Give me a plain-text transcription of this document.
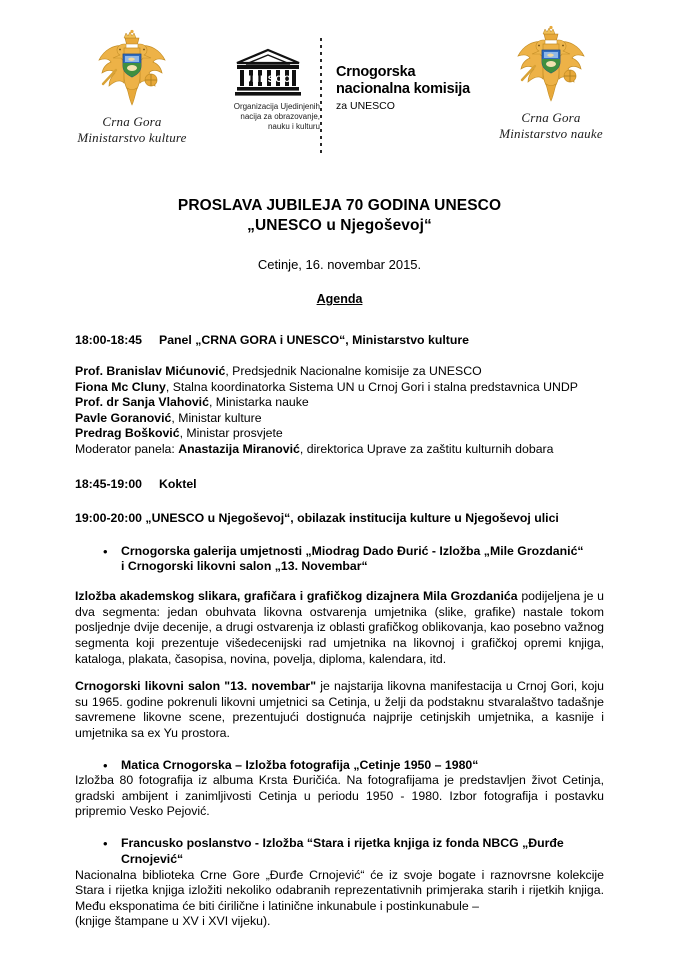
Crna Gora
Ministarstvo kulture
UNESCO
Organizacija Ujedinjenih
nacija za obrazovanje,
nauku i kulturu
Crnogorska
nacionalna komisija
za UNESCO
Crna Gora
Ministarstvo nauke
PROSLAVA JUBILEJA 70 GODINA UNESCO
„UNESCO u Njegoševoj“
Cetinje, 16. novembar 2015.
Agenda
18:00-18:45 Panel „CRNA GORA i UNESCO“, Ministarstvo kulture
Prof. Branislav Mićunović, Predsjednik Nacionalne komisije za UNESCO
Fiona Mc Cluny, Stalna koordinatorka Sistema UN u Crnoj Gori i stalna predstavnica UNDP
Prof. dr Sanja Vlahović, Ministarka nauke
Pavle Goranović, Ministar kulture
Predrag Bošković, Ministar prosvjete
Moderator panela: Anastazija Miranović, direktorica Uprave za zaštitu kulturnih dobara
18:45-19:00 Koktel
19:00-20:00 „UNESCO u Njegoševoj“, obilazak institucija kulture u Njegoševoj ulici
•	Crnogorska galerija umjetnosti „Miodrag Dado Đurić - Izložba „Mile Grozdanić“
i Crnogorski likovni salon „13. Novembar“

Izložba akademskog slikara, grafičara i grafičkog dizajnera Mila Grozdanića podijeljena je u dva segmenta: jedan obuhvata likovna ostvarenja umjetnika (slike, grafike) nastale tokom posljednje dvije decenije, a drugi ostvarenja iz oblasti grafičkog oblikovanja, kao posebno važnog segmenta koji prezentuje višedecenijski rad umjetnika na likovnoj i grafičkoj opremi knjiga, kataloga, plakata, časopisa, novina, povelja, diploma, kalendara, itd.

Crnogorski likovni salon "13. novembar" je najstarija likovna manifestacija u Crnoj Gori, koju su 1965. godine pokrenuli likovni umjetnici sa Cetinja, u želji da podstaknu stvaralaštvo tadašnje savremene likovne scene, prezentujući dostignuća najprije cetinjskih umjetnika, a kasnije i umjetnika sa ex Yu prostora.

•	Matica Crnogorska – Izložba fotografija „Cetinje 1950 – 1980“

Izložba 80 fotografija iz albuma Krsta Đuričića. Na fotografijama je predstavljen život Cetinja, gradski ambijent i zanimljivosti Cetinja u periodu 1950 - 1980. Izbor fotografija i postavku pripremio Vesko Pejović.

•	Francusko poslanstvo - Izložba “Stara i rijetka knjiga iz fonda NBCG „Đurđe
Crnojević“

Nacionalna biblioteka Crne Gore „Đurđe Crnojević“ će iz svoje bogate i raznovrsne kolekcije Stara i rijetka knjiga izložiti nekoliko odabranih reprezentativnih primjeraka starih i rijetkih knjiga. Među eksponatima će biti ćirilične i latinične inkunabule i postinkunabule –

(knjige štampane u XV i XVI vijeku).
